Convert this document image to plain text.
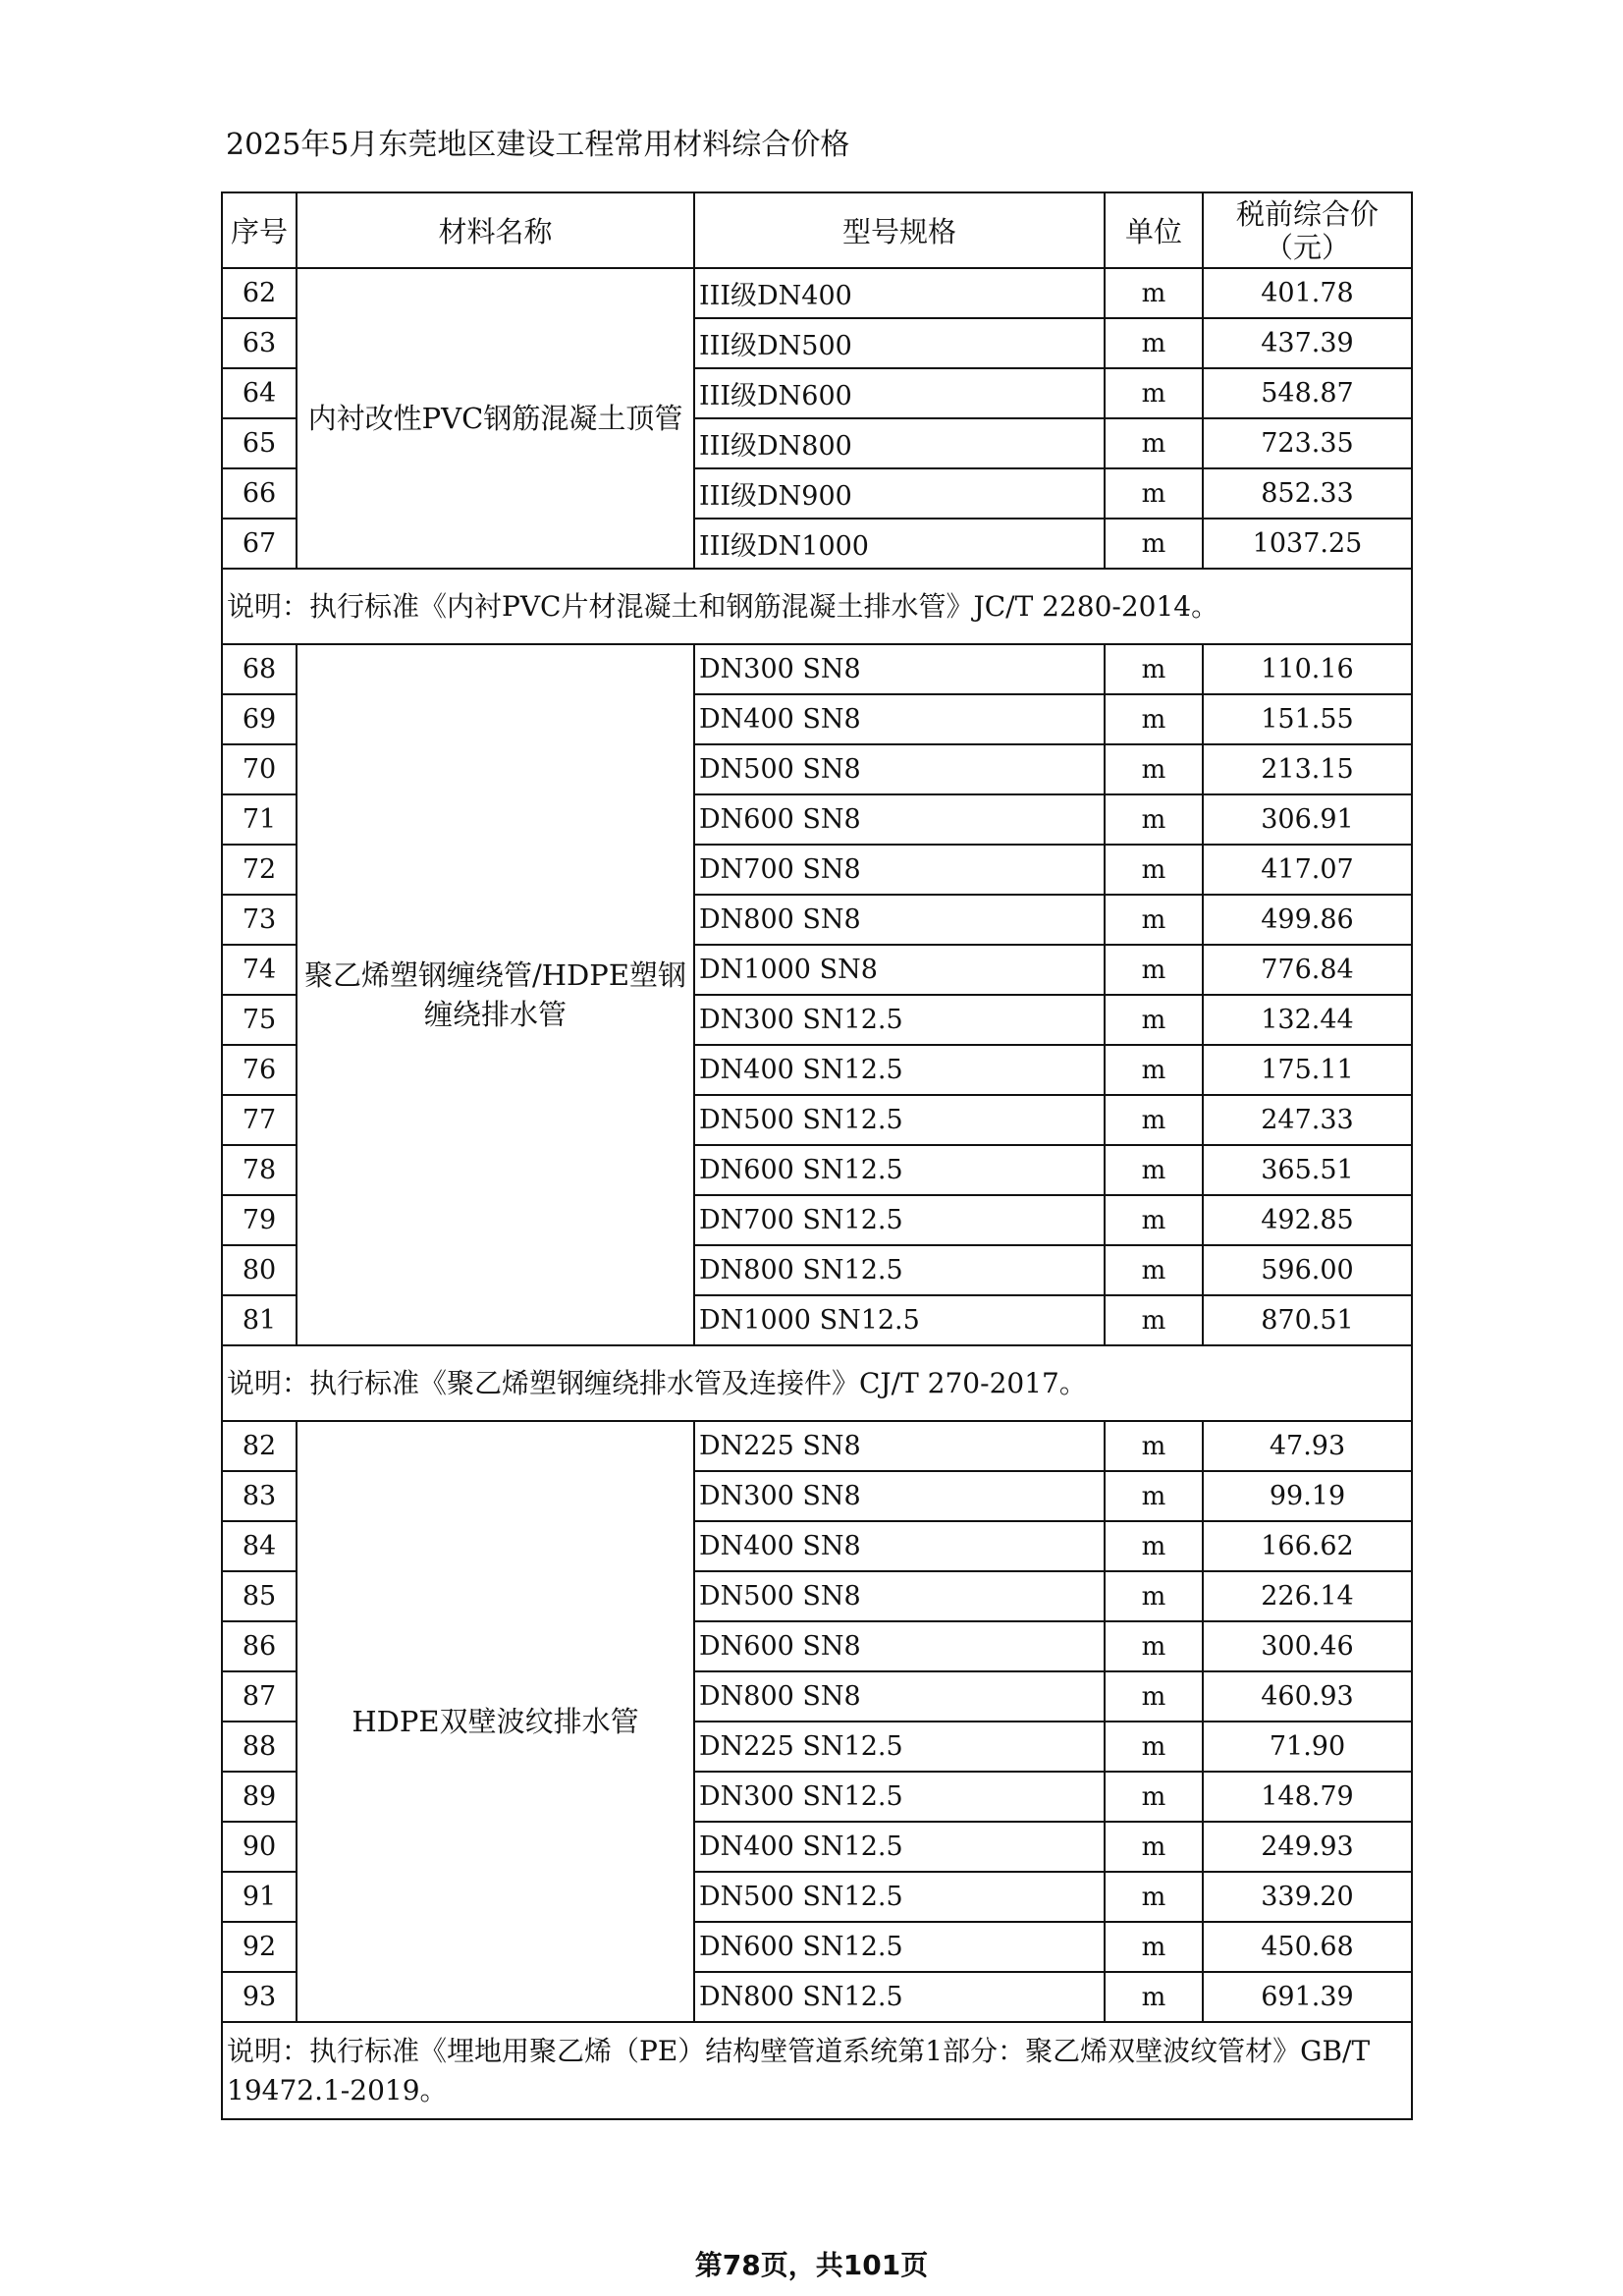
2025年5月东莞地区建设工程常用材料综合价格
序号	材料名称	型号规格	单位	税前综合价
（元）
62	内衬改性PVC钢筋混凝土顶管	III级DN400	m	401.78
63		III级DN500	m	437.39
64		III级DN600	m	548.87
65		III级DN800	m	723.35
66		III级DN900	m	852.33
67		III级DN1000	m	1037.25
说明：执行标准《内衬PVC片材混凝土和钢筋混凝土排水管》JC/T 2280-2014。				
68	聚乙烯塑钢缠绕管/HDPE塑钢缠绕排水管	DN300 SN8	m	110.16
69		DN400 SN8	m	151.55
70		DN500 SN8	m	213.15
71		DN600 SN8	m	306.91
72		DN700 SN8	m	417.07
73		DN800 SN8	m	499.86
74		DN1000 SN8	m	776.84
75		DN300 SN12.5	m	132.44
76		DN400 SN12.5	m	175.11
77		DN500 SN12.5	m	247.33
78		DN600 SN12.5	m	365.51
79		DN700 SN12.5	m	492.85
80		DN800 SN12.5	m	596.00
81		DN1000 SN12.5	m	870.51
说明：执行标准《聚乙烯塑钢缠绕排水管及连接件》CJ/T 270-2017。				
82	HDPE双壁波纹排水管	DN225 SN8	m	47.93
83		DN300 SN8	m	99.19
84		DN400 SN8	m	166.62
85		DN500 SN8	m	226.14
86		DN600 SN8	m	300.46
87		DN800 SN8	m	460.93
88		DN225 SN12.5	m	71.90
89		DN300 SN12.5	m	148.79
90		DN400 SN12.5	m	249.93
91		DN500 SN12.5	m	339.20
92		DN600 SN12.5	m	450.68
93		DN800 SN12.5	m	691.39
说明：执行标准《埋地用聚乙烯（PE）结构壁管道系统第1部分：聚乙烯双壁波纹管材》GB/T 19472.1-2019。				
第78页，共101页
